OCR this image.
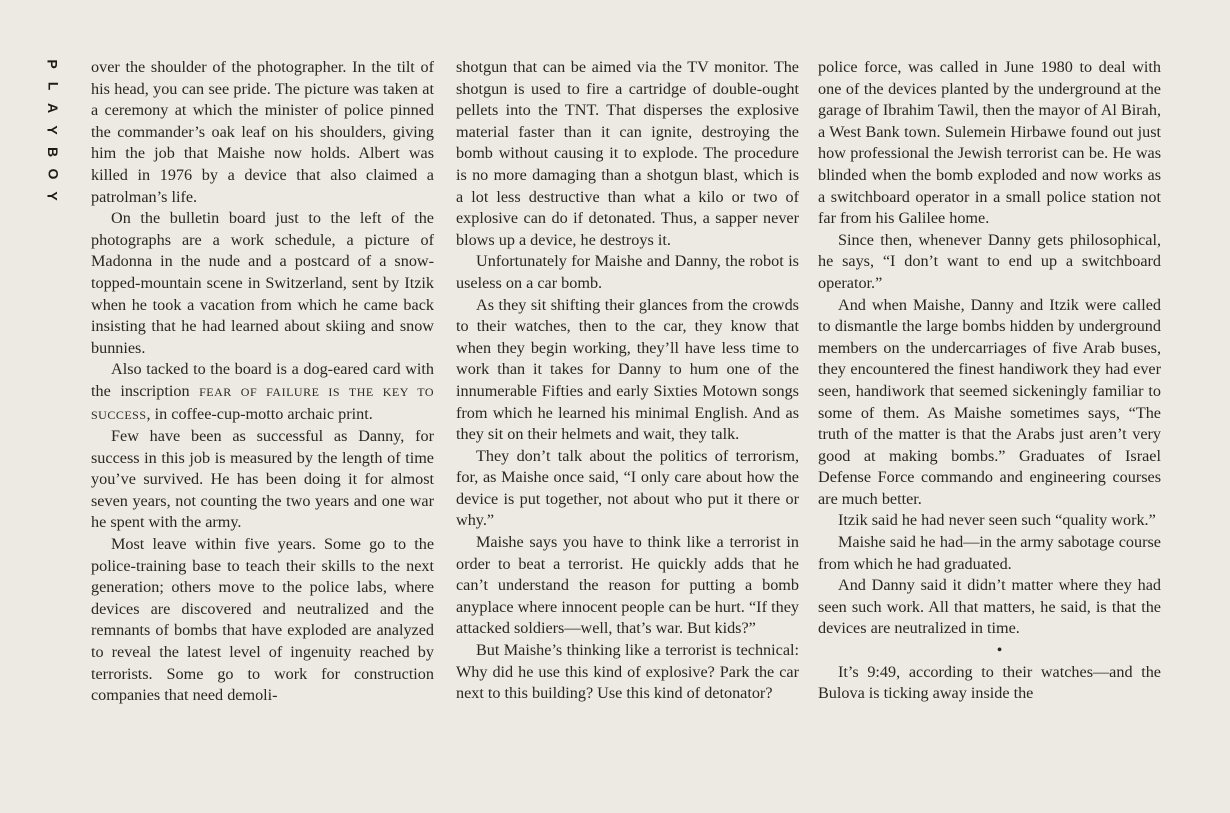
P
L
A
Y
B
O
Y

over the shoulder of the photographer. In the tilt of his head, you can see pride. The picture was taken at a ceremony at which the minister of police pinned the commander’s oak leaf on his shoulders, giving him the job that Maishe now holds. Albert was killed in 1976 by a device that also claimed a patrolman’s life.

On the bulletin board just to the left of the photographs are a work schedule, a picture of Madonna in the nude and a postcard of a snow-topped-mountain scene in Switzerland, sent by Itzik when he took a vacation from which he came back insisting that he had learned about skiing and snow bunnies.

Also tacked to the board is a dog-eared card with the inscription FEAR OF FAILURE IS THE KEY TO SUCCESS, in coffee-cup-motto archaic print.

Few have been as successful as Danny, for success in this job is measured by the length of time you’ve survived. He has been doing it for almost seven years, not counting the two years and one war he spent with the army.

Most leave within five years. Some go to the police-training base to teach their skills to the next generation; others move to the police labs, where devices are discovered and neutralized and the remnants of bombs that have exploded are analyzed to reveal the latest level of ingenuity reached by terrorists. Some go to work for construction companies that need demoli-

shotgun that can be aimed via the TV monitor. The shotgun is used to fire a cartridge of double-ought pellets into the TNT. That disperses the explosive material faster than it can ignite, destroying the bomb without causing it to explode. The procedure is no more damaging than a shotgun blast, which is a lot less destructive than what a kilo or two of explosive can do if detonated. Thus, a sapper never blows up a device, he destroys it.

Unfortunately for Maishe and Danny, the robot is useless on a car bomb.

As they sit shifting their glances from the crowds to their watches, then to the car, they know that when they begin working, they’ll have less time to work than it takes for Danny to hum one of the innumerable Fifties and early Sixties Motown songs from which he learned his minimal English. And as they sit on their helmets and wait, they talk.

They don’t talk about the politics of terrorism, for, as Maishe once said, “I only care about how the device is put together, not about who put it there or why.”

Maishe says you have to think like a terrorist in order to beat a terrorist. He quickly adds that he can’t understand the reason for putting a bomb anyplace where innocent people can be hurt. “If they attacked soldiers—well, that’s war. But kids?”

But Maishe’s thinking like a terrorist is technical: Why did he use this kind of explosive? Park the car next to this building? Use this kind of detonator?

police force, was called in June 1980 to deal with one of the devices planted by the underground at the garage of Ibrahim Tawil, then the mayor of Al Birah, a West Bank town. Sulemein Hirbawe found out just how professional the Jewish terrorist can be. He was blinded when the bomb exploded and now works as a switchboard operator in a small police station not far from his Galilee home.

Since then, whenever Danny gets philosophical, he says, “I don’t want to end up a switchboard operator.”

And when Maishe, Danny and Itzik were called to dismantle the large bombs hidden by underground members on the undercarriages of five Arab buses, they encountered the finest handiwork they had ever seen, handiwork that seemed sickeningly familiar to some of them. As Maishe sometimes says, “The truth of the matter is that the Arabs just aren’t very good at making bombs.” Graduates of Israel Defense Force commando and engineering courses are much better.

Itzik said he had never seen such “quality work.”

Maishe said he had—in the army sabotage course from which he had graduated.

And Danny said it didn’t matter where they had seen such work. All that matters, he said, is that the devices are neutralized in time.

•

It’s 9:49, according to their watches—and the Bulova is ticking away inside the
